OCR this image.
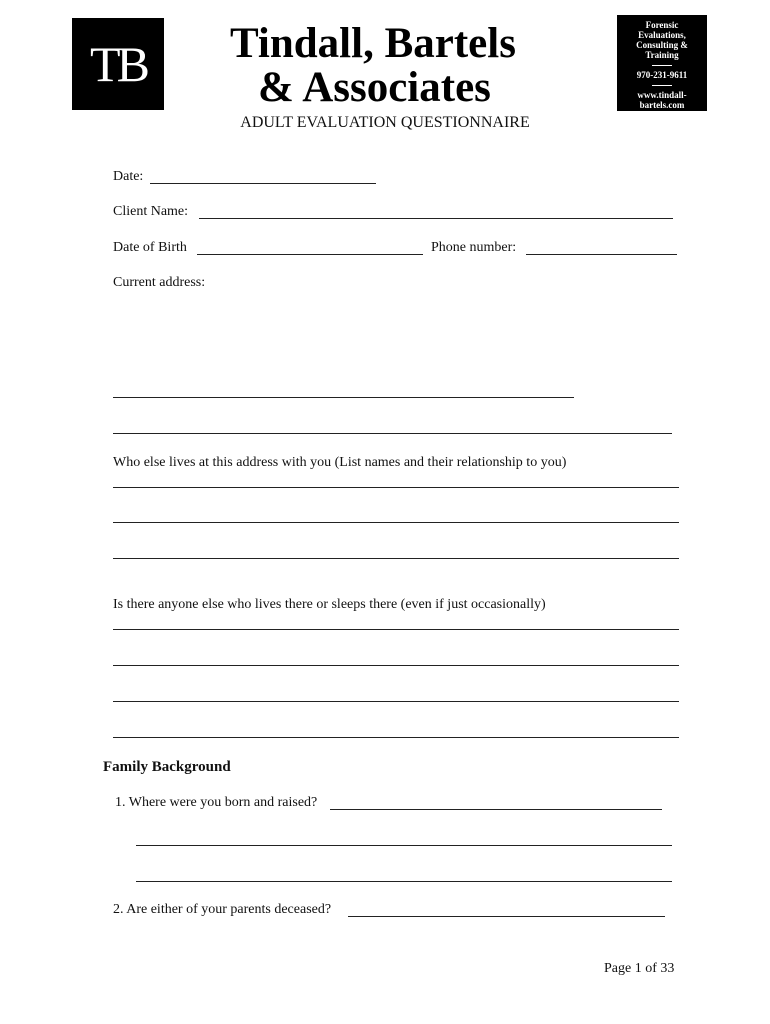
TB	Tindall, Bartels
& Associates
Forensic
Evaluations,
Consulting &
Training
970-231-9611
www.tindall-
bartels.com
ADULT EVALUATION QUESTIONNAIRE
Date:
Client Name:
Date of Birth	Phone number:
Current address:
Who else lives at this address with you (List names and their relationship to you)
Is there anyone else who lives there or sleeps there (even if just occasionally)
Family Background
1. Where were you born and raised?
2. Are either of your parents deceased?
Page 1 of 33
